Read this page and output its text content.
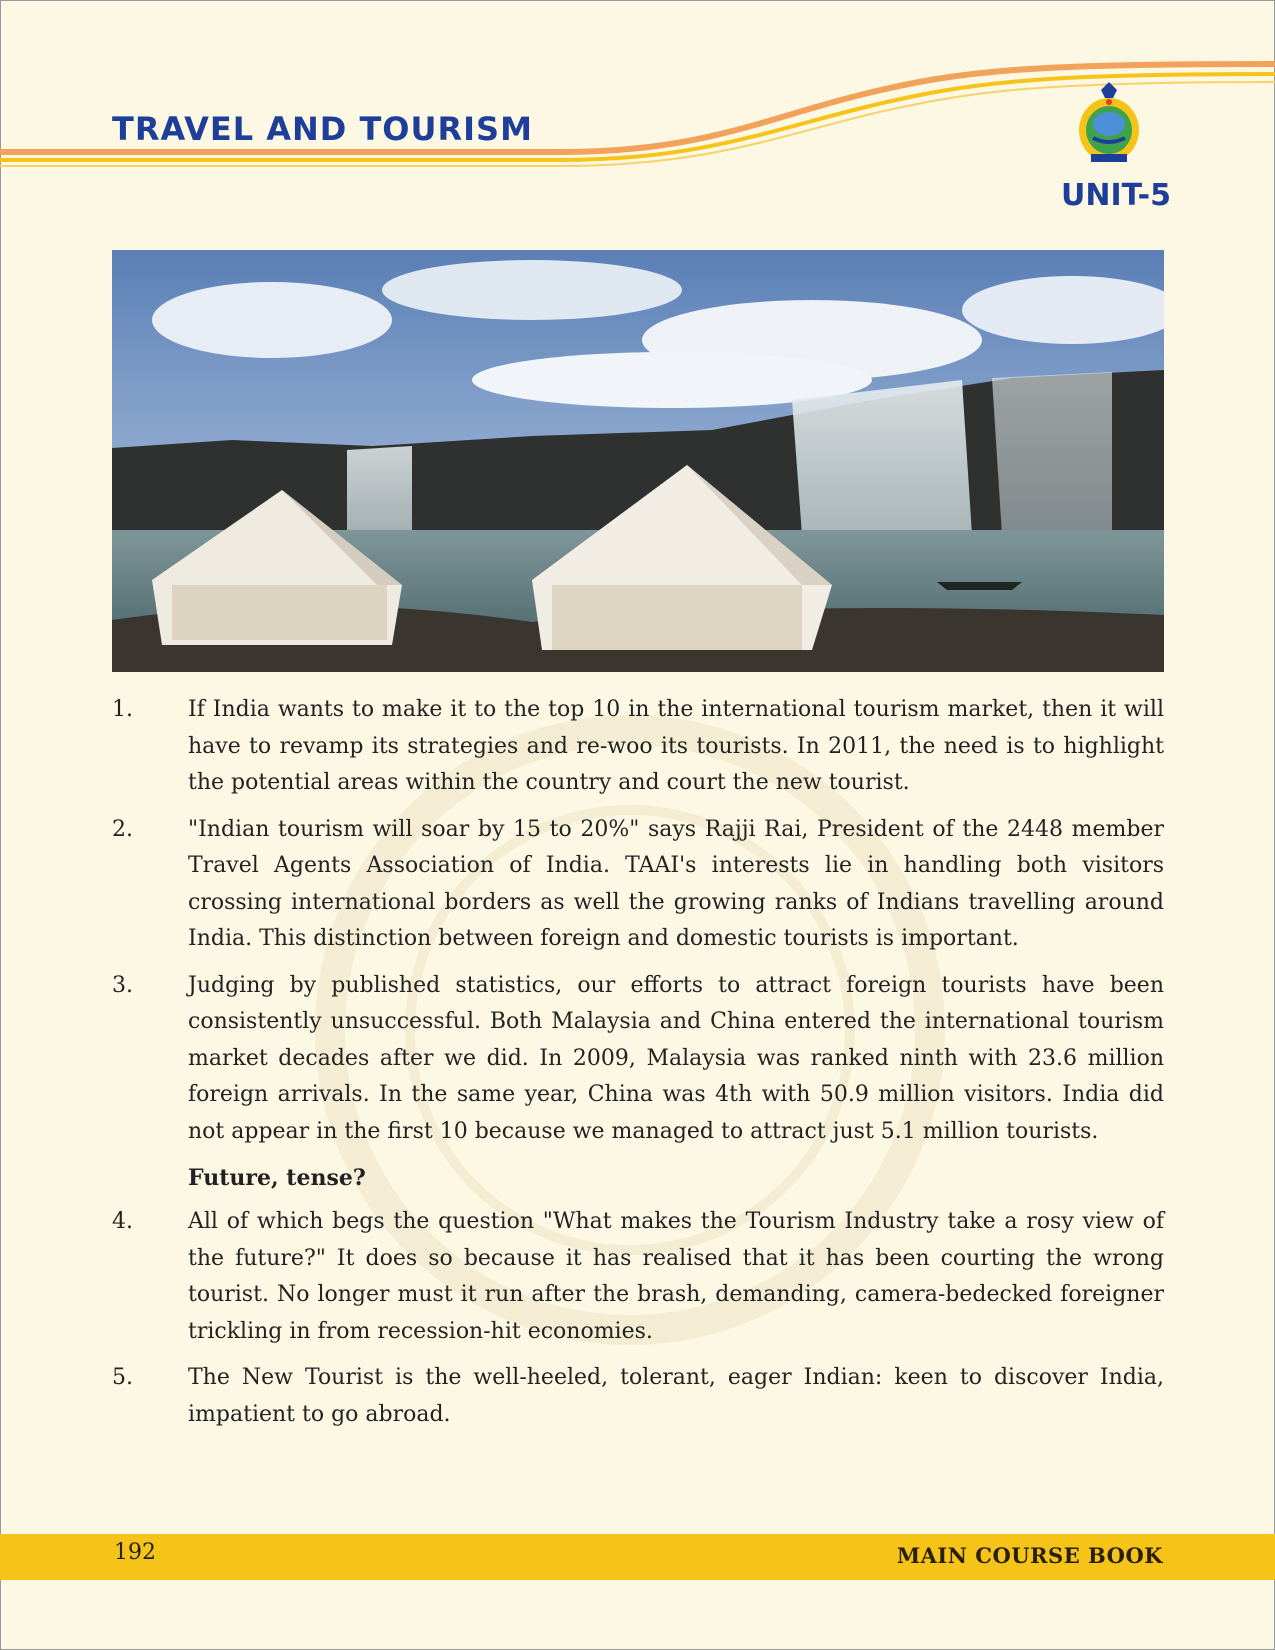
TRAVEL AND TOURISM
UNIT-5
1.	If India wants to make it to the top 10 in the international tourism market, then it will have to revamp its strategies and re-woo its tourists. In 2011, the need is to highlight the potential areas within the country and court the new tourist.
2.	"Indian tourism will soar by 15 to 20%" says Rajji Rai, President of the 2448 member Travel Agents Association of India. TAAI's interests lie in handling both visitors crossing international borders as well the growing ranks of Indians travelling around India. This distinction between foreign and domestic tourists is important.
3.	Judging by published statistics, our efforts to attract foreign tourists have been consistently unsuccessful. Both Malaysia and China entered the international tourism market decades after we did. In 2009, Malaysia was ranked ninth with 23.6 million foreign arrivals. In the same year, China was 4th with 50.9 million visitors. India did not appear in the first 10 because we managed to attract just 5.1 million tourists.
Future, tense?
4.	All of which begs the question "What makes the Tourism Industry take a rosy view of the future?" It does so because it has realised that it has been courting the wrong tourist. No longer must it run after the brash, demanding, camera-bedecked foreigner trickling in from recession-hit economies.
5.	The New Tourist is the well-heeled, tolerant, eager Indian: keen to discover India, impatient to go abroad.
192	MAIN COURSE BOOK
